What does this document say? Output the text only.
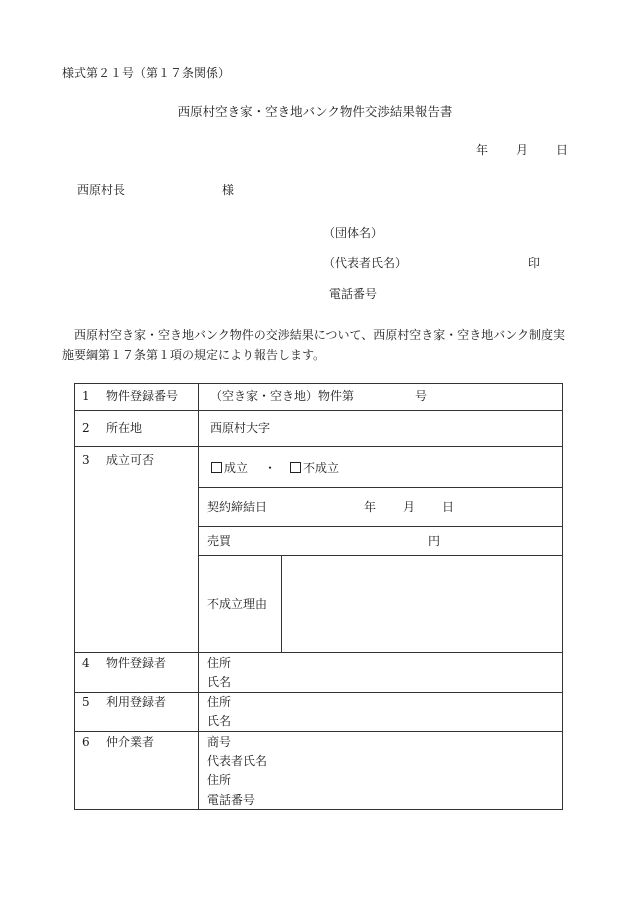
様式第２１号（第１７条関係）
西原村空き家・空き地バンク物件交渉結果報告書
年 月 日
西原村長	様
（団体名）
（代表者氏名）	印
電話番号
西原村空き家・空き地バンク物件の交渉結果について、西原村空き家・空き地バンク制度実施要綱第１７条第１項の規定により報告します。
1 物件登録番号	（空き家・空き地）物件第	号
2 所在地	西原村大字
3 成立可否
成立 ・	不成立
契約締結日	年 月 日
売買	円
不成立理由
4 物件登録者	住所
氏名
5 利用登録者	住所
氏名
6 仲介業者	商号
代表者氏名
住所
電話番号
